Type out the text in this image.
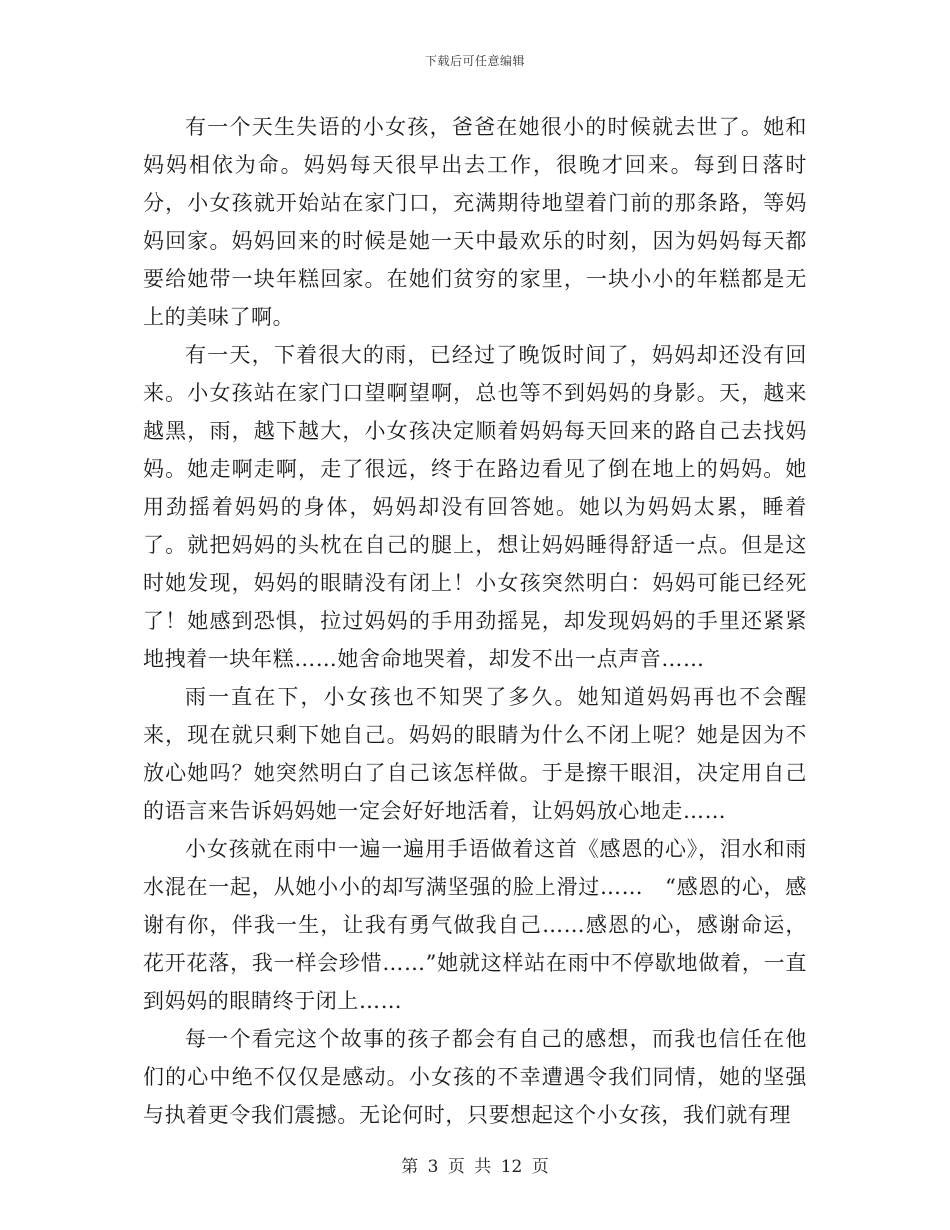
下载后可任意编辑

有一个天生失语的小女孩，爸爸在她很小的时候就去世了。她和妈妈相依为命。妈妈每天很早出去工作，很晚才回来。每到日落时分，小女孩就开始站在家门口，充满期待地望着门前的那条路，等妈妈回家。妈妈回来的时候是她一天中最欢乐的时刻，因为妈妈每天都要给她带一块年糕回家。在她们贫穷的家里，一块小小的年糕都是无上的美味了啊。

有一天，下着很大的雨，已经过了晚饭时间了，妈妈却还没有回来。小女孩站在家门口望啊望啊，总也等不到妈妈的身影。天，越来越黑，雨，越下越大，小女孩决定顺着妈妈每天回来的路自己去找妈妈。她走啊走啊，走了很远，终于在路边看见了倒在地上的妈妈。她用劲摇着妈妈的身体，妈妈却没有回答她。她以为妈妈太累，睡着了。就把妈妈的头枕在自己的腿上，想让妈妈睡得舒适一点。但是这时她发现，妈妈的眼睛没有闭上！小女孩突然明白：妈妈可能已经死了！她感到恐惧，拉过妈妈的手用劲摇晃，却发现妈妈的手里还紧紧地拽着一块年糕……她舍命地哭着，却发不出一点声音……

雨一直在下，小女孩也不知哭了多久。她知道妈妈再也不会醒来，现在就只剩下她自己。妈妈的眼睛为什么不闭上呢？她是因为不放心她吗？她突然明白了自己该怎样做。于是擦干眼泪，决定用自己的语言来告诉妈妈她一定会好好地活着，让妈妈放心地走……

小女孩就在雨中一遍一遍用手语做着这首《感恩的心》，泪水和雨水混在一起，从她小小的却写满坚强的脸上滑过……　“感恩的心，感谢有你，伴我一生，让我有勇气做我自己……感恩的心，感谢命运，花开花落，我一样会珍惜……”她就这样站在雨中不停歇地做着，一直到妈妈的眼睛终于闭上……

每一个看完这个故事的孩子都会有自己的感想，而我也信任在他们的心中绝不仅仅是感动。小女孩的不幸遭遇令我们同情，她的坚强与执着更令我们震撼。无论何时，只要想起这个小女孩，我们就有理

第 3 页 共 12 页
